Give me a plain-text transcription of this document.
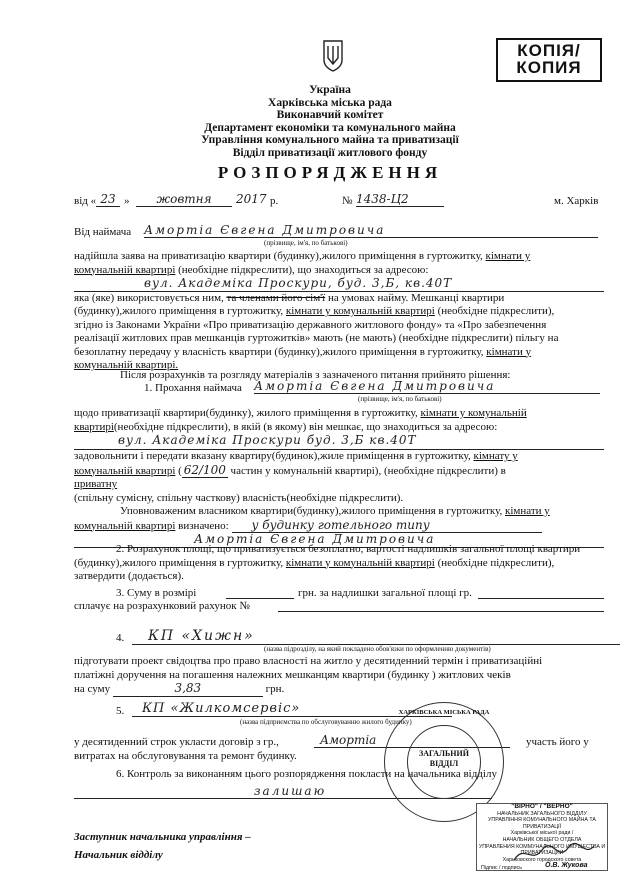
КОПІЯ/
КОПИЯ
Україна
Харківська міська рада
Виконавчий комітет
Департамент економіки та комунального майна
Управління комунального майна та приватизації
Відділ приватизації житлового фонду
РОЗПОРЯДЖЕННЯ
від « 23 »	жовтня	2017 р.	№ 1438-Ц2	м. Харків
Від наймача Амортіа Євгена Дмитровича
(прізвище, ім'я, по батькові)
надійшла заява на приватизацію квартири (будинку),жилого приміщення в гуртожитку, кімнати у
комунальній квартирі (необхідне підкреслити), що знаходиться за адресою:
вул. Академіка Проскури, буд. 3,Б, кв.40Т
яка (яке) використовується ним, та членами його сім'ї на умовах найму. Мешканці квартири
(будинку),жилого приміщення в гуртожитку, кімнати у комунальній квартирі (необхідне підкреслити),
згідно із Законами України «Про приватизацію державного житлового фонду» та «Про забезпечення
реалізації житлових прав мешканців гуртожитків» мають (не мають) (необхідне підкреслити) пільгу на
безоплатну передачу у власність квартири (будинку),жилого приміщення в гуртожитку, кімнати у
комунальній квартирі.
Після розрахунків та розгляду матеріалів з зазначеного питання прийнято рішення:
1. Прохання наймача Амортіа Євгена Дмитровича
(прізвище, ім'я, по батькові)
щодо приватизації квартири(будинку), жилого приміщення в гуртожитку, кімнати у комунальній
квартирі(необхідне підкреслити), в якій (в якому) він мешкає, що знаходиться за адресою:
вул. Академіка Проскури буд. 3,Б кв.40Т
задовольнити і передати вказану квартиру(будинок),жиле приміщення в гуртожитку, кімнату у
комунальній квартирі ( 62/100 частин у комунальній квартирі), (необхідне підкреслити) в
приватну
(спільну сумісну, спільну часткову) власність(необхідне підкреслити).
Уповноваженим власником квартири(будинку),жилого приміщення в гуртожитку, кімнати у
комунальній квартирі визначено: у будинку готельного типу
Амортіа Євгена Дмитровича
2. Розрахунок площі, що приватизується безоплатно, вартості надлишків загальної площі квартири
(будинку),жилого приміщення в гуртожитку, кімнати у комунальній квартирі (необхідне підкреслити),
затвердити (додається).
3. Суму в розмірі	грн. за надлишки загальної площі гр.
сплачує на розрахунковий рахунок №
4.	КП «Хижн»
(назва підрозділу, на який покладено обов'язки по оформленню документів)
підготувати проект свідоцтва про право власності на житло у десятиденний термін і приватизаційні
платіжні доручення на погашення належних мешканцям квартири (будинку ) житлових чеків
на суму	3,83	грн.
5.	КП «Жилкомсервіс»
(назва підприємства по обслуговуванню жилого будинку)
у десятиденний строк укласти договір з гр.,	Амортіа	участь його у
витратах на обслуговування та ремонт будинку.
6. Контроль за виконанням цього розпорядження покласти на начальника відділу
залишаю
Заступник начальника управління –
Начальник відділу
ХАРКІВСЬКА МІСЬКА РАДА
ЗАГАЛЬНИЙ
ВІДДІЛ
"ВІРНО" / "ВЕРНО"
НАЧАЛЬНИК ЗАГАЛЬНОГО ВІДДІЛУ
УПРАВЛІННЯ КОМУНАЛЬНОГО МАЙНА ТА ПРИВАТИЗАЦІЇ
Харківської міської ради /
НАЧАЛЬНИК ОБЩЕГО ОТДЕЛА
УПРАВЛЕНИЯ КОММУНАЛЬНОГО ИМУЩЕСТВА И ПРИВАТИЗАЦИИ
Харьковского городского совета
О.В. Жукова
Підпис / подпись
